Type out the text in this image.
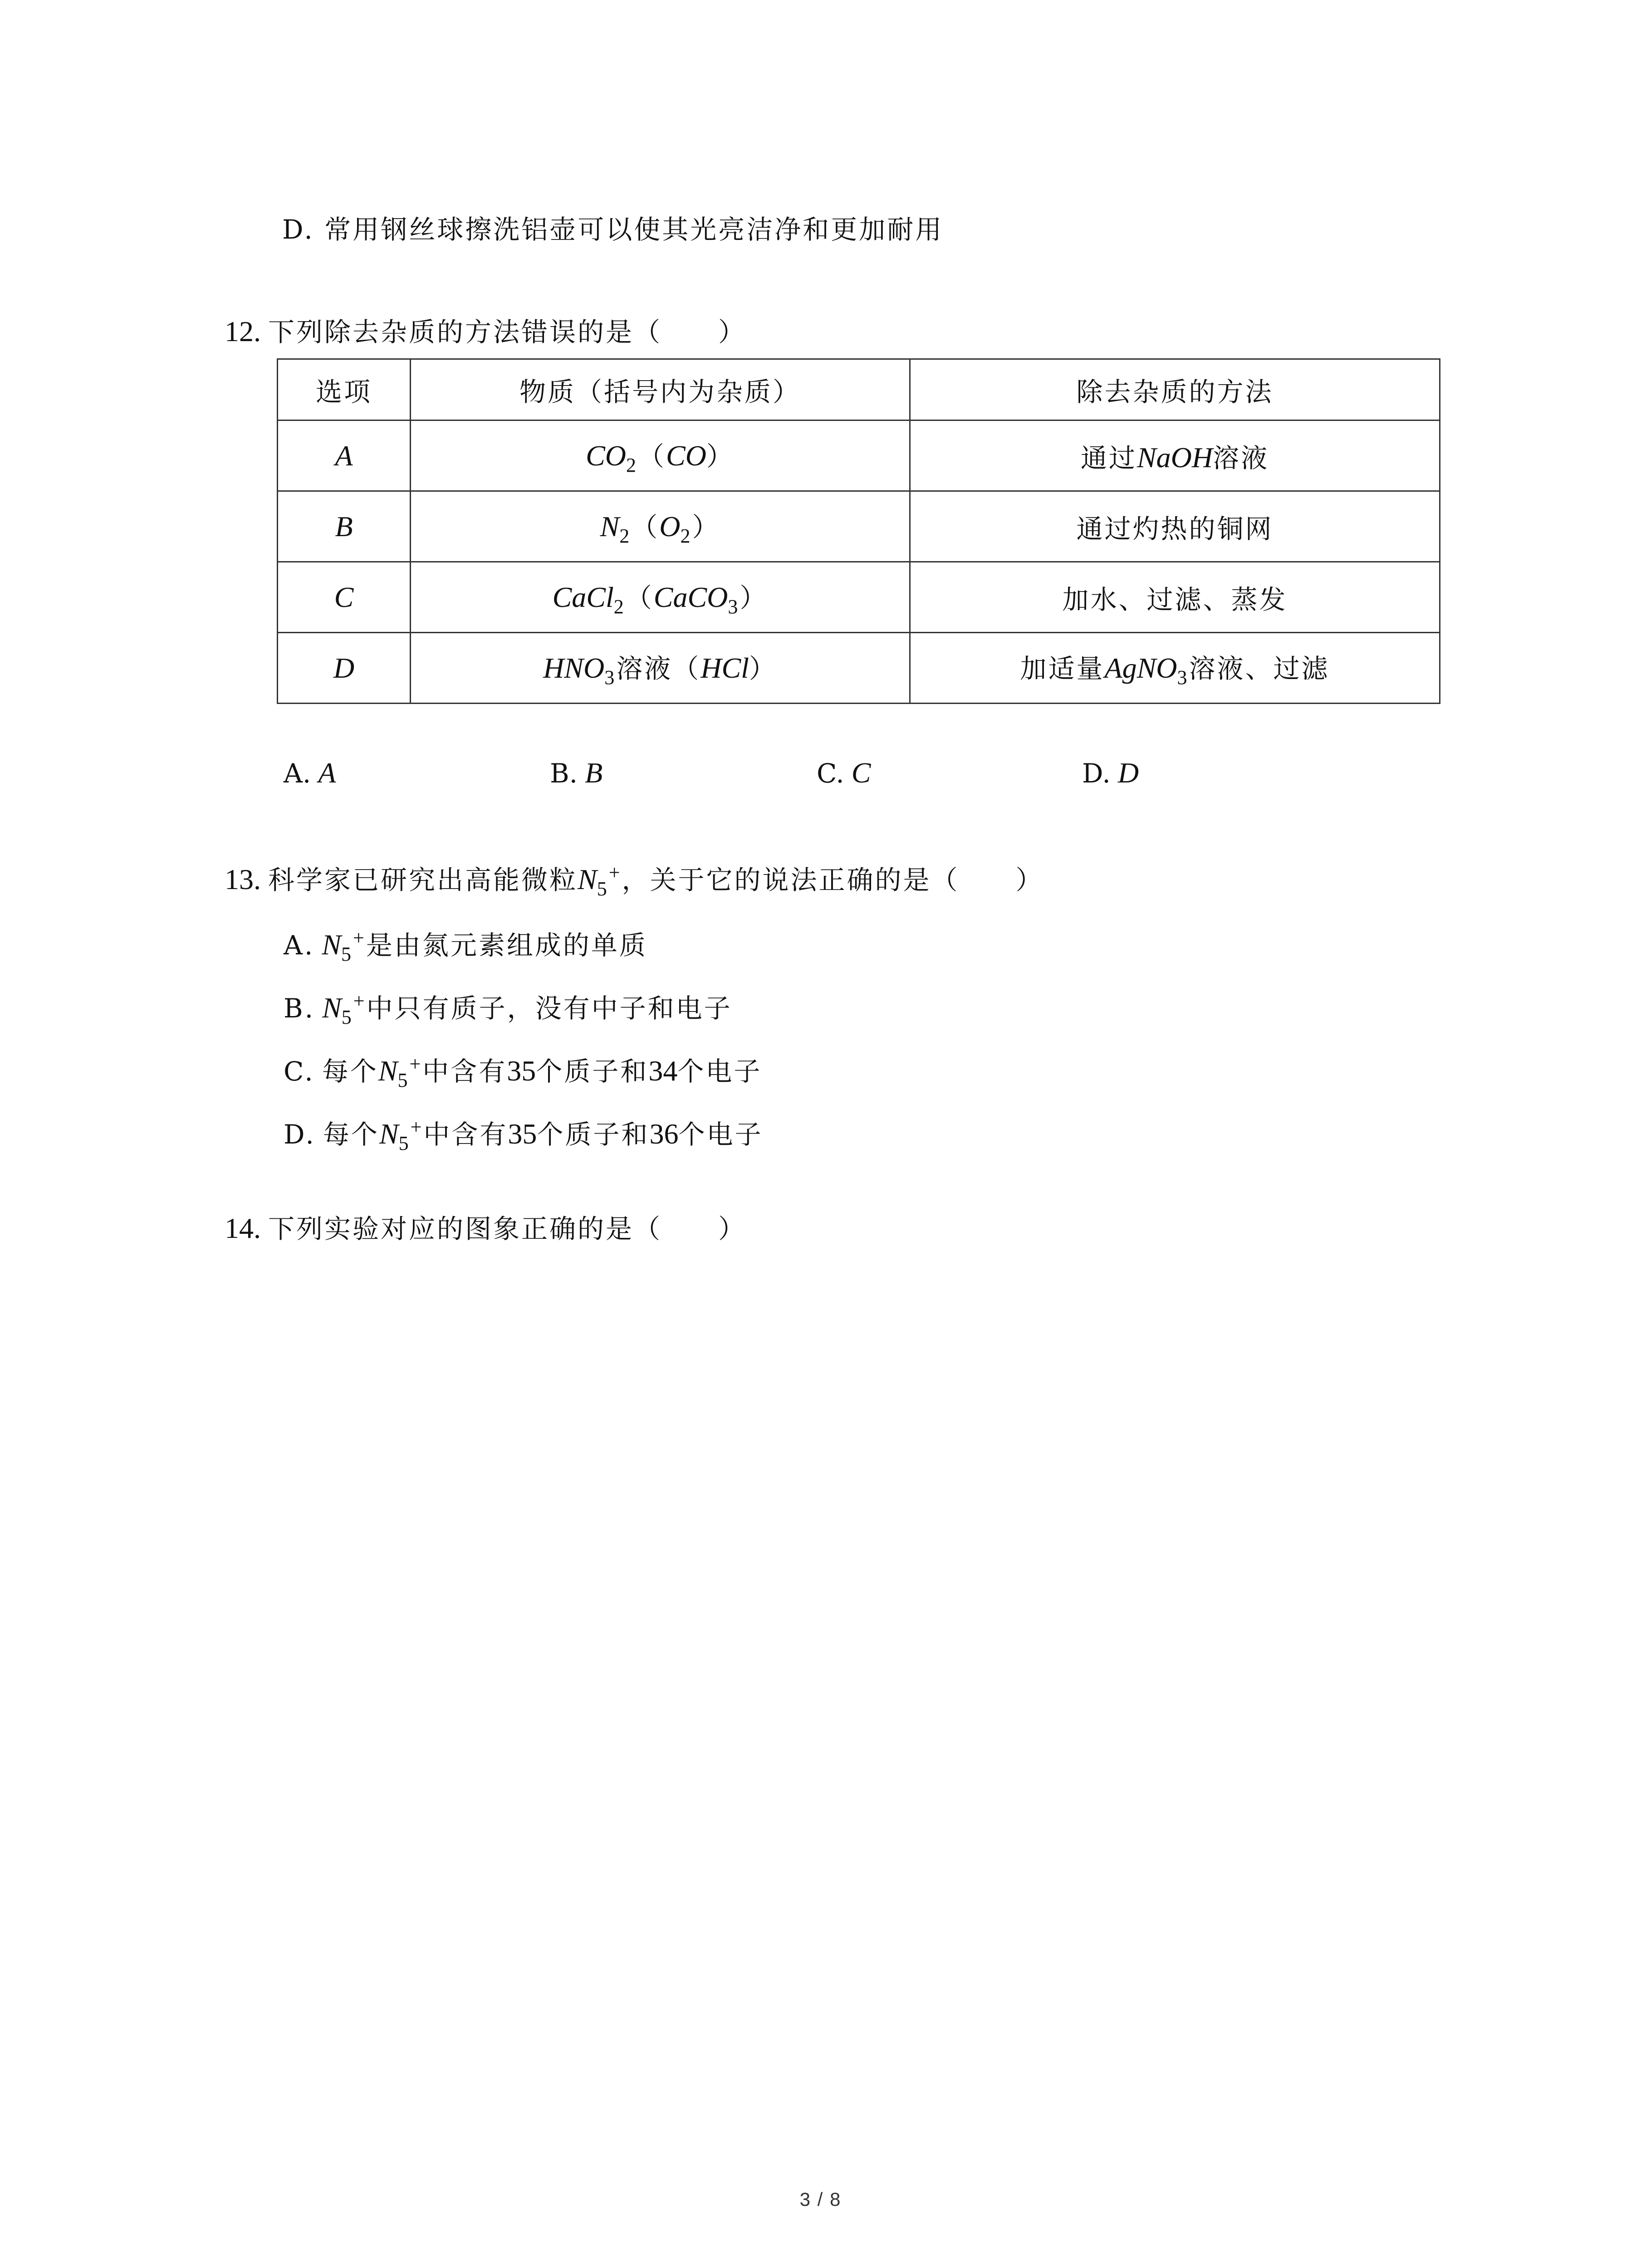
D. 常用钢丝球擦洗铝壶可以使其光亮洁净和更加耐用
12. 下列除去杂质的方法错误的是（　　）
选项	物质（括号内为杂质）	除去杂质的方法
A	$CO_2(CO)$	通过NaOH溶液
B	$N_2(O_2)$	通过灼热的铜网
C	CaCl$_2$（CaCO$_3$）	加水、过滤、蒸发
D	$HNO_3$溶液（HCl）	加适量AgNO$_3$溶液、过滤
A. A	B. B	C. C	D. D
13. 科学家已研究出高能微粒$N_5^+$，关于它的说法正确的是（　　）
A. $N_5^+$是由氮元素组成的单质
B. $N_5^+$中只有质子，没有中子和电子
C. 每个$N_5^+$中含有35个质子和34个电子
D. 每个$N_5^+$中含有35个质子和36个电子
14. 下列实验对应的图象正确的是（　　）
3 / 8
